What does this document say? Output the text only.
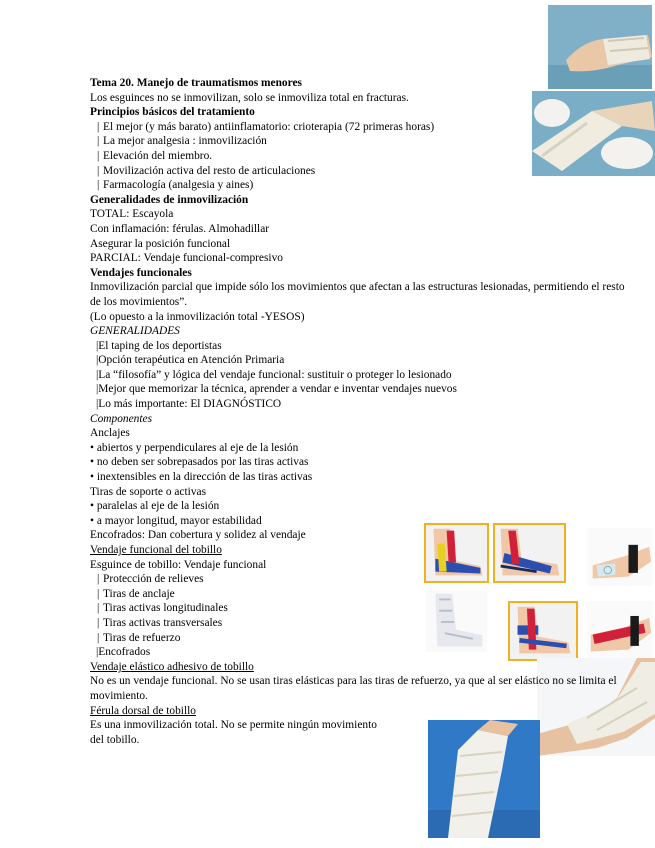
Tema 20. Manejo de traumatismos menores
Los esguinces no se inmovilizan, solo se inmoviliza total en fracturas.
Principios básicos del tratamiento
| El mejor (y más barato) antiinflamatorio: crioterapia (72 primeras horas)
| La mejor analgesia : inmovilización
| Elevación del miembro.
| Movilización activa del resto de articulaciones
| Farmacología (analgesia y aines)
Generalidades de inmovilización
TOTAL: Escayola
Con inflamación: férulas. Almohadillar
Asegurar la posición funcional
PARCIAL: Vendaje funcional-compresivo
Vendajes funcionales
Inmovilización parcial que impide sólo los movimientos que afectan a las estructuras lesionadas, permitiendo el resto de los movimientos”.
(Lo opuesto a la inmovilización total -YESOS)
GENERALIDADES
|El taping de los deportistas
|Opción terapéutica en Atención Primaria
|La “filosofía” y lógica del vendaje funcional: sustituir o proteger lo lesionado
|Mejor que memorizar la técnica, aprender a vendar e inventar vendajes nuevos
|Lo más importante: El DIAGNÓSTICO
Componentes
Anclajes
• abiertos y perpendiculares al eje de la lesión
• no deben ser sobrepasados por las tiras activas
• inextensibles en la dirección de las tiras activas
Tiras de soporte o activas
• paralelas al eje de la lesión
• a mayor longitud, mayor estabilidad
Encofrados: Dan cobertura y solidez al vendaje
Vendaje funcional del tobillo
Esguince de tobillo: Vendaje funcional
| Protección de relieves
| Tiras de anclaje
| Tiras activas longitudinales
| Tiras activas transversales
| Tiras de refuerzo
|Encofrados
Vendaje elástico adhesivo de tobillo
No es un vendaje funcional. No se usan tiras elásticas para las tiras de refuerzo, ya que al ser elástico no se limita el movimiento.
Férula dorsal de tobillo
Es una inmovilización total. No se permite ningún movimiento
del tobillo.
